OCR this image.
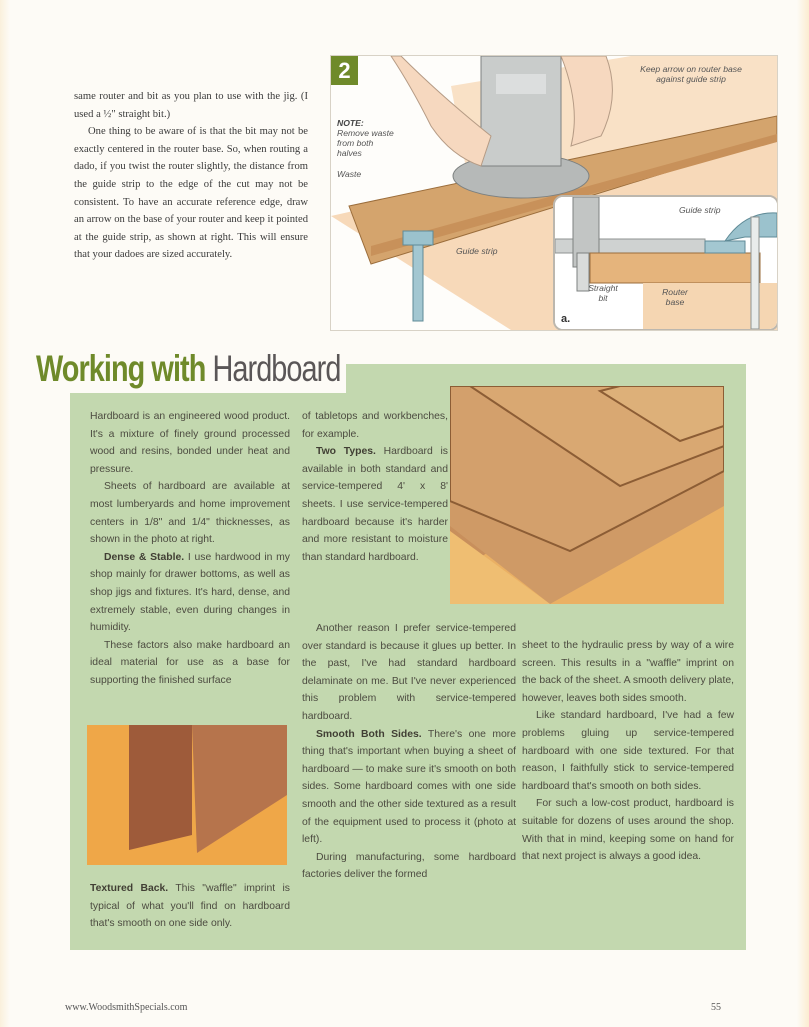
same router and bit as you plan to use with the jig. (I used a ½" straight bit.)

One thing to be aware of is that the bit may not be exactly centered in the router base. So, when routing a dado, if you twist the router slightly, the distance from the guide strip to the edge of the cut may not be consistent. To have an accurate reference edge, draw an arrow on the base of your router and keep it pointed at the guide strip, as shown at right. This will ensure that your dadoes are sized accurately.

2	Keep arrow on router base against guide strip
NOTE:
Remove waste from both halves
Waste
Guide strip
Guide strip
Straight bit
Router base
a.
Working with Hardboard

Hardboard is an engineered wood product. It's a mixture of finely ground processed wood and resins, bonded under heat and pressure.

Sheets of hardboard are available at most lumberyards and home improvement centers in 1/8" and 1/4" thicknesses, as shown in the photo at right.

Dense & Stable. I use hardwood in my shop mainly for drawer bottoms, as well as shop jigs and fixtures. It's hard, dense, and extremely stable, even during changes in humidity.

These factors also make hardboard an ideal material for use as a base for supporting the finished surface

Textured Back. This "waffle" imprint is typical of what you'll find on hardboard that's smooth on one side only.

of tabletops and workbenches, for example.

Two Types. Hardboard is available in both standard and service-tempered 4' x 8' sheets. I use service-tempered hardboard because it's harder and more resistant to moisture than standard hardboard.

Another reason I prefer service-tempered over standard is because it glues up better. In the past, I've had standard hardboard delaminate on me. But I've never experienced this problem with service-tempered hardboard.

Smooth Both Sides. There's one more thing that's important when buying a sheet of hardboard — to make sure it's smooth on both sides. Some hardboard comes with one side smooth and the other side textured as a result of the equipment used to process it (photo at left).

During manufacturing, some hardboard factories deliver the formed

sheet to the hydraulic press by way of a wire screen. This results in a "waffle" imprint on the back of the sheet. A smooth delivery plate, however, leaves both sides smooth.

Like standard hardboard, I've had a few problems gluing up service-tempered hardboard with one side textured. For that reason, I faithfully stick to service-tempered hardboard that's smooth on both sides.

For such a low-cost product, hardboard is suitable for dozens of uses around the shop. With that in mind, keeping some on hand for that next project is always a good idea.

www.WoodsmithSpecials.com	55
